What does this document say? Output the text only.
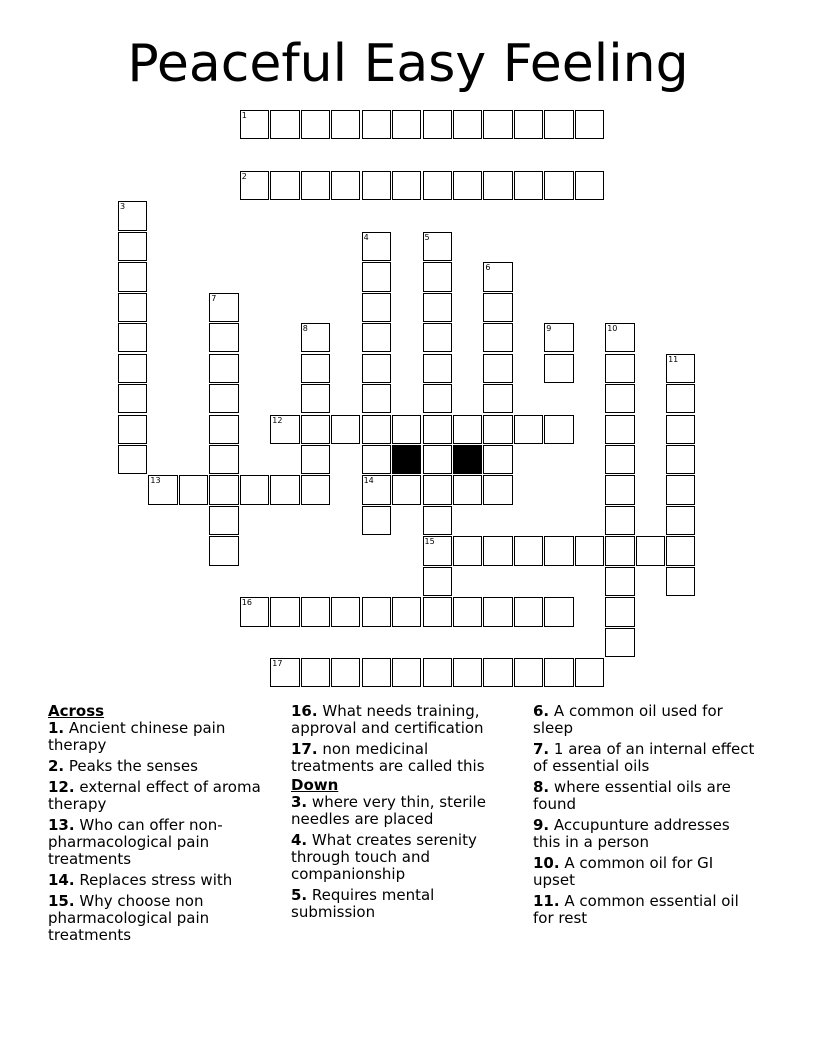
Peaceful Easy Feeling
1
2
12
13	14
15
16
17
3
4	5
6
7
8	9	10
11
Across
1. Ancient chinese pain therapy
2. Peaks the senses
12. external effect of aroma therapy
13. Who can offer non-pharmacological pain treatments
14. Replaces stress with
15. Why choose non pharmacological pain treatments
16. What needs training, approval and certification
17. non medicinal treatments are called this
Down
3. where very thin, sterile needles are placed
4. What creates serenity through touch and companionship
5. Requires mental submission
6. A common oil used for sleep
7. 1 area of an internal effect of essential oils
8. where essential oils are found
9. Accupunture addresses this in a person
10. A common oil for GI upset
11. A common essential oil for rest
